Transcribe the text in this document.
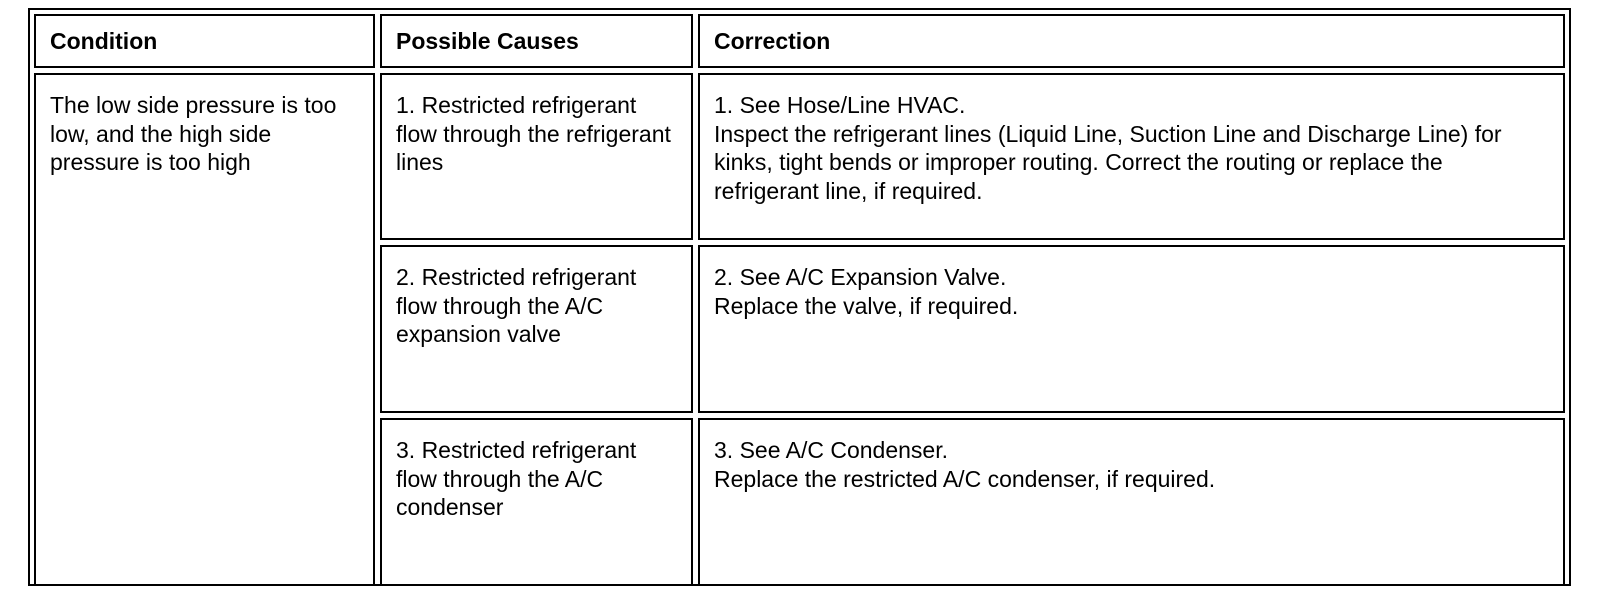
Condition	Possible Causes	Correction
The low side pressure is too low, and the high side pressure is too high	1. Restricted refrigerant flow through the refrigerant lines	1. See Hose/Line HVAC.
Inspect the refrigerant lines (Liquid Line, Suction Line and Discharge Line) for kinks, tight bends or improper routing. Correct the routing or replace the refrigerant line, if required.

	2. Restricted refrigerant flow through the A/C expansion valve	2. See A/C Expansion Valve.
Replace the valve, if required.

	3. Restricted refrigerant flow through the A/C condenser	3. See A/C Condenser.
Replace the restricted A/C condenser, if required.
